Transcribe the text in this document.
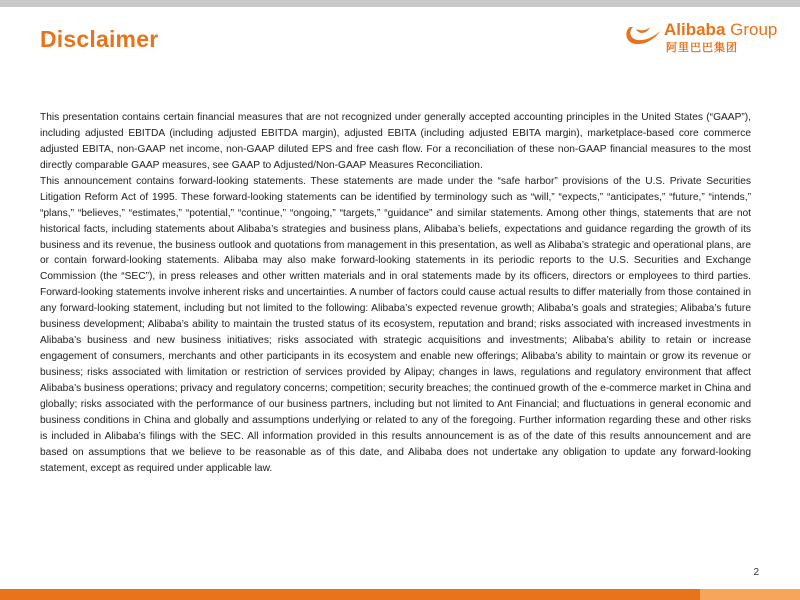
Disclaimer	Alibaba Group
阿里巴巴集团

This presentation contains certain financial measures that are not recognized under generally accepted accounting principles in the United States (“GAAP”), including adjusted EBITDA (including adjusted EBITDA margin), adjusted EBITA (including adjusted EBITA margin), marketplace-based core commerce adjusted EBITA, non-GAAP net income, non-GAAP diluted EPS and free cash flow. For a reconciliation of these non-GAAP financial measures to the most directly comparable GAAP measures, see GAAP to Adjusted/Non-GAAP Measures Reconciliation.

This announcement contains forward-looking statements. These statements are made under the “safe harbor” provisions of the U.S. Private Securities Litigation Reform Act of 1995. These forward-looking statements can be identified by terminology such as “will,” “expects,” “anticipates,” “future,” “intends,” “plans,” “believes,” “estimates,” “potential,” “continue,” “ongoing,” “targets,” “guidance” and similar statements. Among other things, statements that are not historical facts, including statements about Alibaba’s strategies and business plans, Alibaba’s beliefs, expectations and guidance regarding the growth of its business and its revenue, the business outlook and quotations from management in this presentation, as well as Alibaba’s strategic and operational plans, are or contain forward-looking statements. Alibaba may also make forward-looking statements in its periodic reports to the U.S. Securities and Exchange Commission (the “SEC”), in press releases and other written materials and in oral statements made by its officers, directors or employees to third parties. Forward-looking statements involve inherent risks and uncertainties. A number of factors could cause actual results to differ materially from those contained in any forward-looking statement, including but not limited to the following: Alibaba’s expected revenue growth; Alibaba’s goals and strategies; Alibaba’s future business development; Alibaba’s ability to maintain the trusted status of its ecosystem, reputation and brand; risks associated with increased investments in Alibaba’s business and new business initiatives; risks associated with strategic acquisitions and investments; Alibaba’s ability to retain or increase engagement of consumers, merchants and other participants in its ecosystem and enable new offerings; Alibaba’s ability to maintain or grow its revenue or business; risks associated with limitation or restriction of services provided by Alipay; changes in laws, regulations and regulatory environment that affect Alibaba’s business operations; privacy and regulatory concerns; competition; security breaches; the continued growth of the e-commerce market in China and globally; risks associated with the performance of our business partners, including but not limited to Ant Financial; and fluctuations in general economic and business conditions in China and globally and assumptions underlying or related to any of the foregoing. Further information regarding these and other risks is included in Alibaba’s filings with the SEC. All information provided in this results announcement is as of the date of this results announcement and are based on assumptions that we believe to be reasonable as of this date, and Alibaba does not undertake any obligation to update any forward-looking statement, except as required under applicable law.

2
